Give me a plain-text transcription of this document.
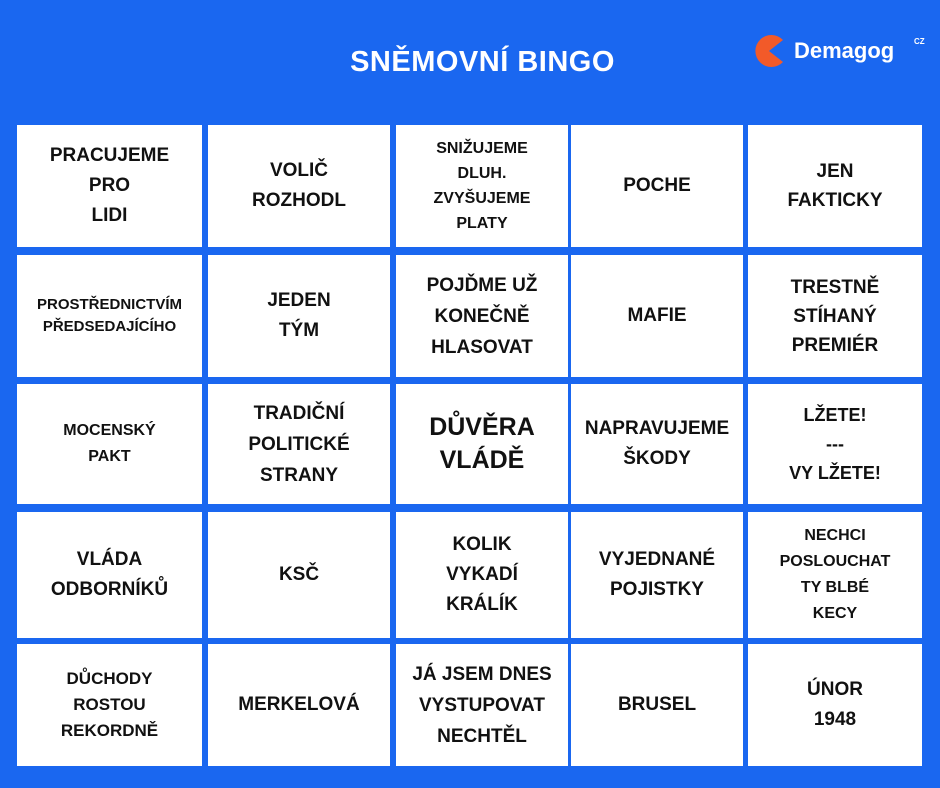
SNĚMOVNÍ BINGO	Demagog CZ
PRACUJEME
PRO
LIDI
VOLIČ
ROZHODL
SNIŽUJEME
DLUH.
ZVYŠUJEME
PLATY
POCHE
JEN
FAKTICKY
PROSTŘEDNICTVÍM
PŘEDSEDAJÍCÍHO
JEDEN
TÝM
POJĎME UŽ
KONEČNĚ
HLASOVAT
MAFIE
TRESTNĚ
STÍHANÝ
PREMIÉR
MOCENSKÝ
PAKT
TRADIČNÍ
POLITICKÉ
STRANY
DŮVĚRA
VLÁDĚ
NAPRAVUJEME
ŠKODY
LŽETE!
---
VY LŽETE!
VLÁDA
ODBORNÍKŮ
KSČ
KOLIK
VYKADÍ
KRÁLÍK
VYJEDNANÉ
POJISTKY
NECHCI
POSLOUCHAT
TY BLBÉ
KECY
DŮCHODY
ROSTOU
REKORDNĚ
MERKELOVÁ
JÁ JSEM DNES
VYSTUPOVAT
NECHTĚL
BRUSEL
ÚNOR
1948
